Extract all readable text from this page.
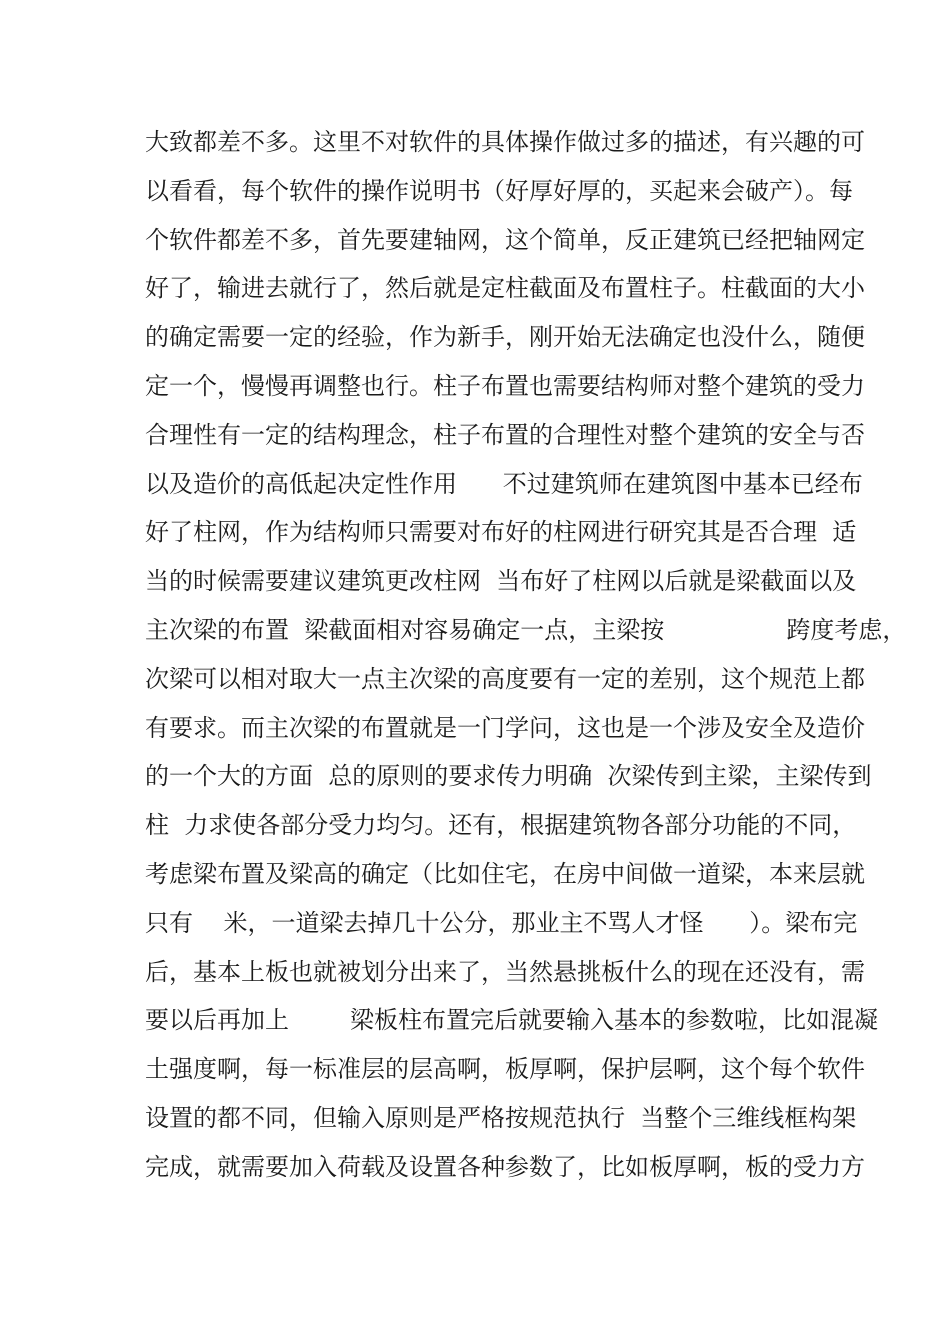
大致都差不多。这里不对软件的具体操作做过多的描述，有兴趣的可
以看看，每个软件的操作说明书（好厚好厚的，买起来会破产）。每
个软件都差不多，首先要建轴网，这个简单，反正建筑已经把轴网定
好了，输进去就行了，然后就是定柱截面及布置柱子。柱截面的大小
的确定需要一定的经验，作为新手，刚开始无法确定也没什么，随便
定一个，慢慢再调整也行。柱子布置也需要结构师对整个建筑的受力
合理性有一定的结构理念，柱子布置的合理性对整个建筑的安全与否
以及造价的高低起决定性作用      不过建筑师在建筑图中基本已经布
好了柱网，作为结构师只需要对布好的柱网进行研究其是否合理  适
当的时候需要建议建筑更改柱网  当布好了柱网以后就是梁截面以及
主次梁的布置  梁截面相对容易确定一点，主梁按                跨度考虑，
次梁可以相对取大一点主次梁的高度要有一定的差别，这个规范上都
有要求。而主次梁的布置就是一门学问，这也是一个涉及安全及造价
的一个大的方面  总的原则的要求传力明确  次梁传到主梁，主梁传到
柱  力求使各部分受力均匀。还有，根据建筑物各部分功能的不同，
考虑梁布置及梁高的确定（比如住宅，在房中间做一道梁，本来层就
只有    米，一道梁去掉几十公分，那业主不骂人才怪      ）。梁布完
后，基本上板也就被划分出来了，当然悬挑板什么的现在还没有，需
要以后再加上        梁板柱布置完后就要输入基本的参数啦，比如混凝
土强度啊，每一标准层的层高啊，板厚啊，保护层啊，这个每个软件
设置的都不同，但输入原则是严格按规范执行  当整个三维线框构架
完成，就需要加入荷载及设置各种参数了，比如板厚啊，板的受力方
